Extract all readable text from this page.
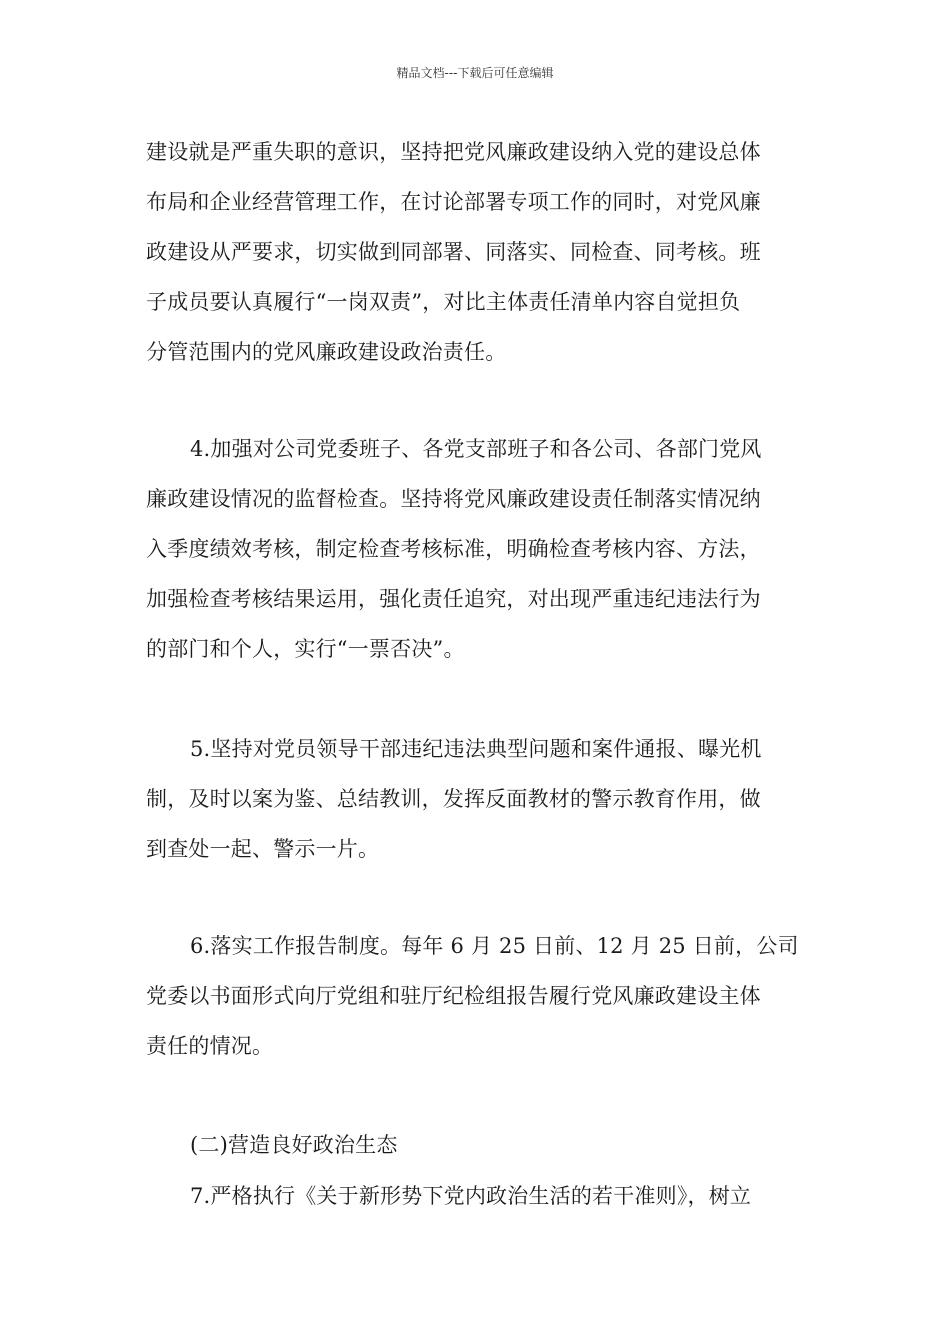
精品文档---下载后可任意编辑

建设就是严重失职的意识，坚持把党风廉政建设纳入党的建设总体
布局和企业经营管理工作，在讨论部署专项工作的同时，对党风廉
政建设从严要求，切实做到同部署、同落实、同检查、同考核。班
子成员要认真履行“一岗双责”，对比主体责任清单内容自觉担负
分管范围内的党风廉政建设政治责任。

4.加强对公司党委班子、各党支部班子和各公司、各部门党风
廉政建设情况的监督检查。坚持将党风廉政建设责任制落实情况纳
入季度绩效考核，制定检查考核标准，明确检查考核内容、方法，
加强检查考核结果运用，强化责任追究，对出现严重违纪违法行为
的部门和个人，实行“一票否决”。

5.坚持对党员领导干部违纪违法典型问题和案件通报、曝光机
制，及时以案为鉴、总结教训，发挥反面教材的警示教育作用，做
到查处一起、警示一片。

6.落实工作报告制度。每年 6 月 25 日前、12 月 25 日前，公司
党委以书面形式向厅党组和驻厅纪检组报告履行党风廉政建设主体
责任的情况。

(二)营造良好政治生态

7.严格执行《关于新形势下党内政治生活的若干准则》，树立
